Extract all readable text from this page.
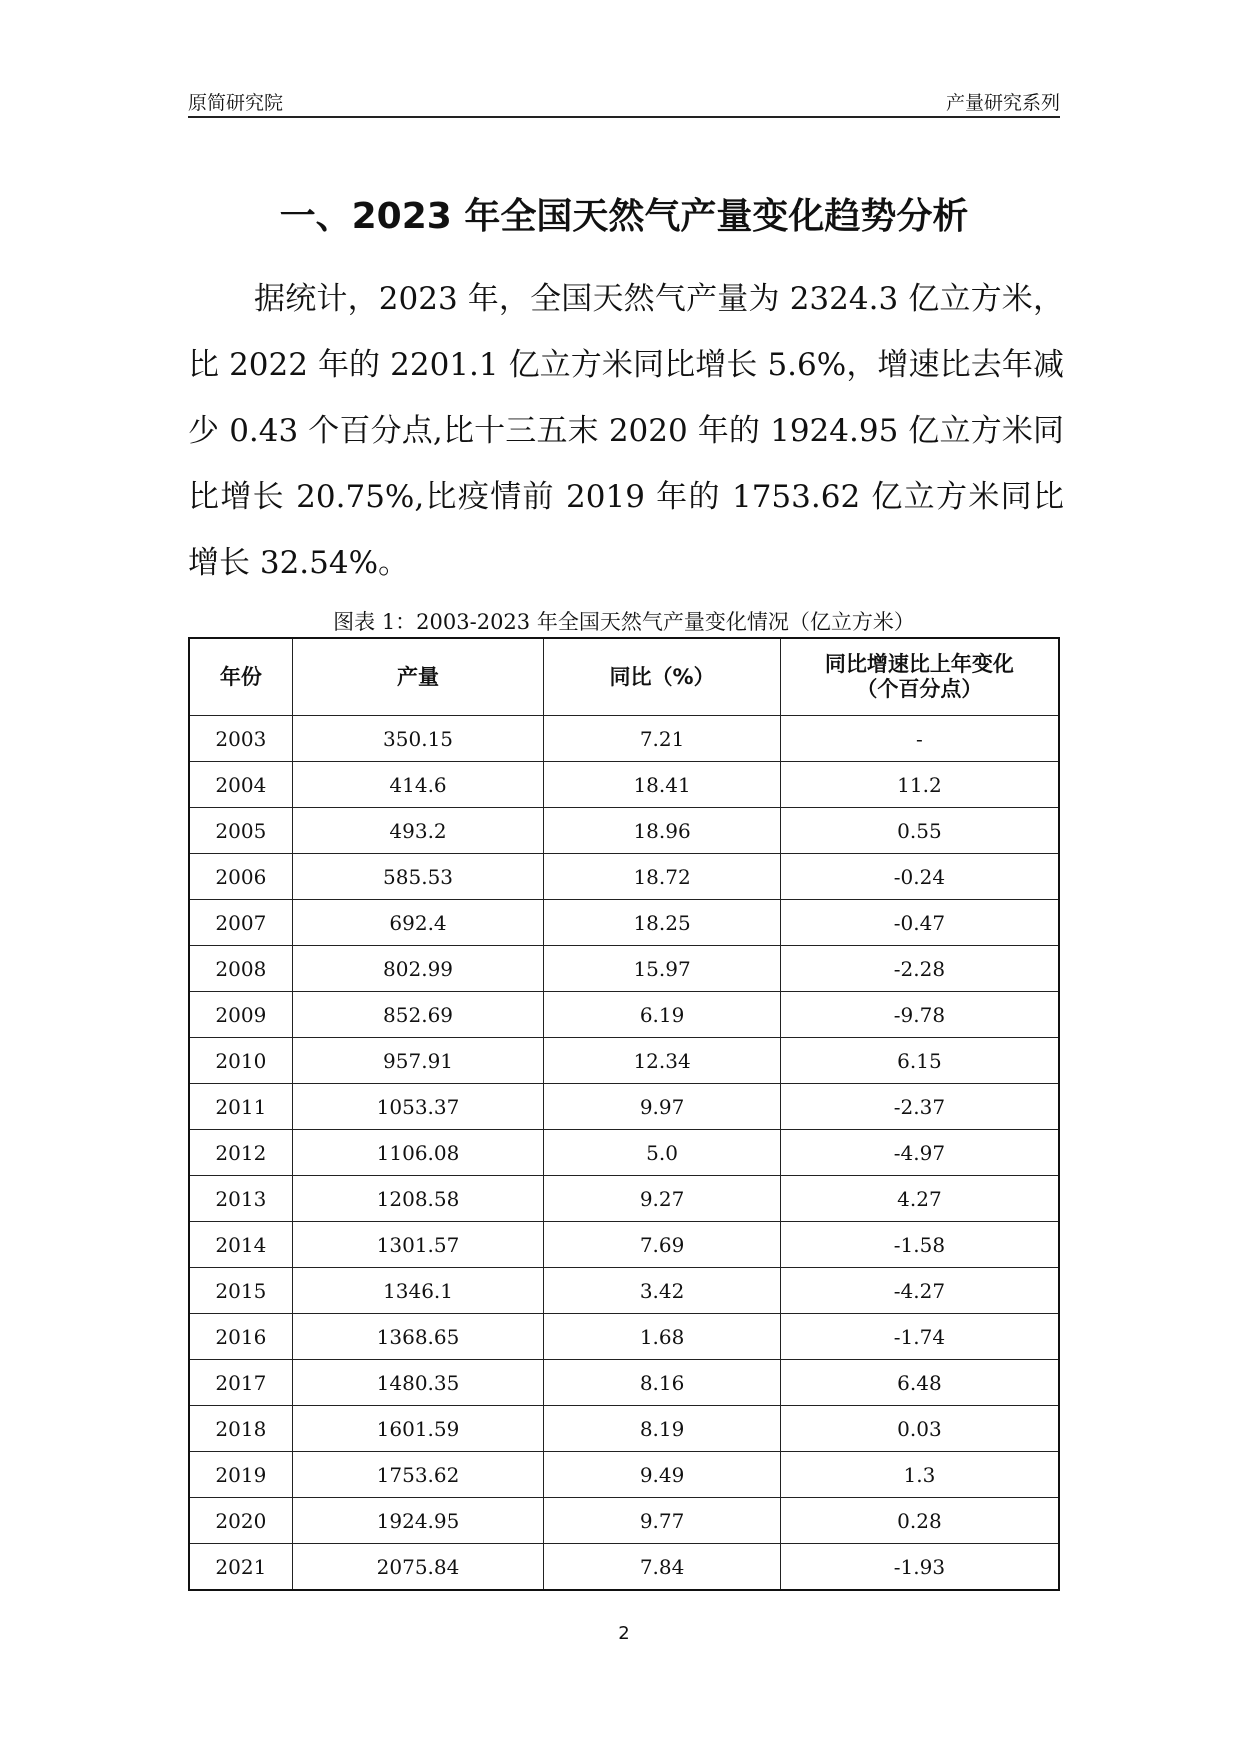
原简研究院	产量研究系列
一、2023 年全国天然气产量变化趋势分析

据统计，2023 年，全国天然气产量为 2324.3 亿立方米，比 2022 年的 2201.1 亿立方米同比增长 5.6%，增速比去年减少 0.43 个百分点,比十三五末 2020 年的 1924.95 亿立方米同比增长 20.75%,比疫情前 2019 年的 1753.62 亿立方米同比增长 32.54%。

图表 1：2003-2023 年全国天然气产量变化情况（亿立方米）
年份	产量	同比（%）	同比增速比上年变化
（个百分点）
2003	350.15	7.21	-
2004	414.6	18.41	11.2
2005	493.2	18.96	0.55
2006	585.53	18.72	-0.24
2007	692.4	18.25	-0.47
2008	802.99	15.97	-2.28
2009	852.69	6.19	-9.78
2010	957.91	12.34	6.15
2011	1053.37	9.97	-2.37
2012	1106.08	5.0	-4.97
2013	1208.58	9.27	4.27
2014	1301.57	7.69	-1.58
2015	1346.1	3.42	-4.27
2016	1368.65	1.68	-1.74
2017	1480.35	8.16	6.48
2018	1601.59	8.19	0.03
2019	1753.62	9.49	1.3
2020	1924.95	9.77	0.28
2021	2075.84	7.84	-1.93
2
